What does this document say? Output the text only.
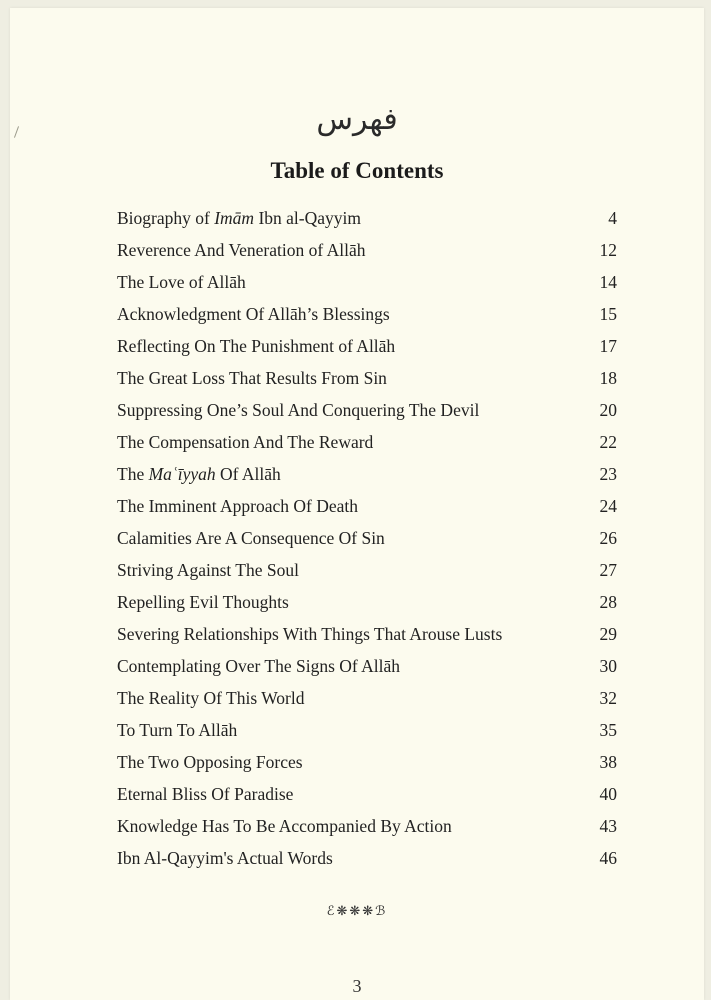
فهرس
Table of Contents
Biography of Imām Ibn al-Qayyim	4
Reverence And Veneration of Allāh	12
The Love of Allāh	14
Acknowledgment Of Allāh’s Blessings	15
Reflecting On The Punishment of Allāh	17
The Great Loss That Results From Sin	18
Suppressing One’s Soul And Conquering The Devil	20
The Compensation And The Reward	22
The Maʿīyyah Of Allāh	23
The Imminent Approach Of Death	24
Calamities Are A Consequence Of Sin	26
Striving Against The Soul	27
Repelling Evil Thoughts	28
Severing Relationships With Things That Arouse Lusts	29
Contemplating Over The Signs Of Allāh	30
The Reality Of This World	32
To Turn To Allāh	35
The Two Opposing Forces	38
Eternal Bliss Of Paradise	40
Knowledge Has To Be Accompanied By Action	43
Ibn Al-Qayyim's Actual Words	46
ℰ❋❋❋ℬ
3
